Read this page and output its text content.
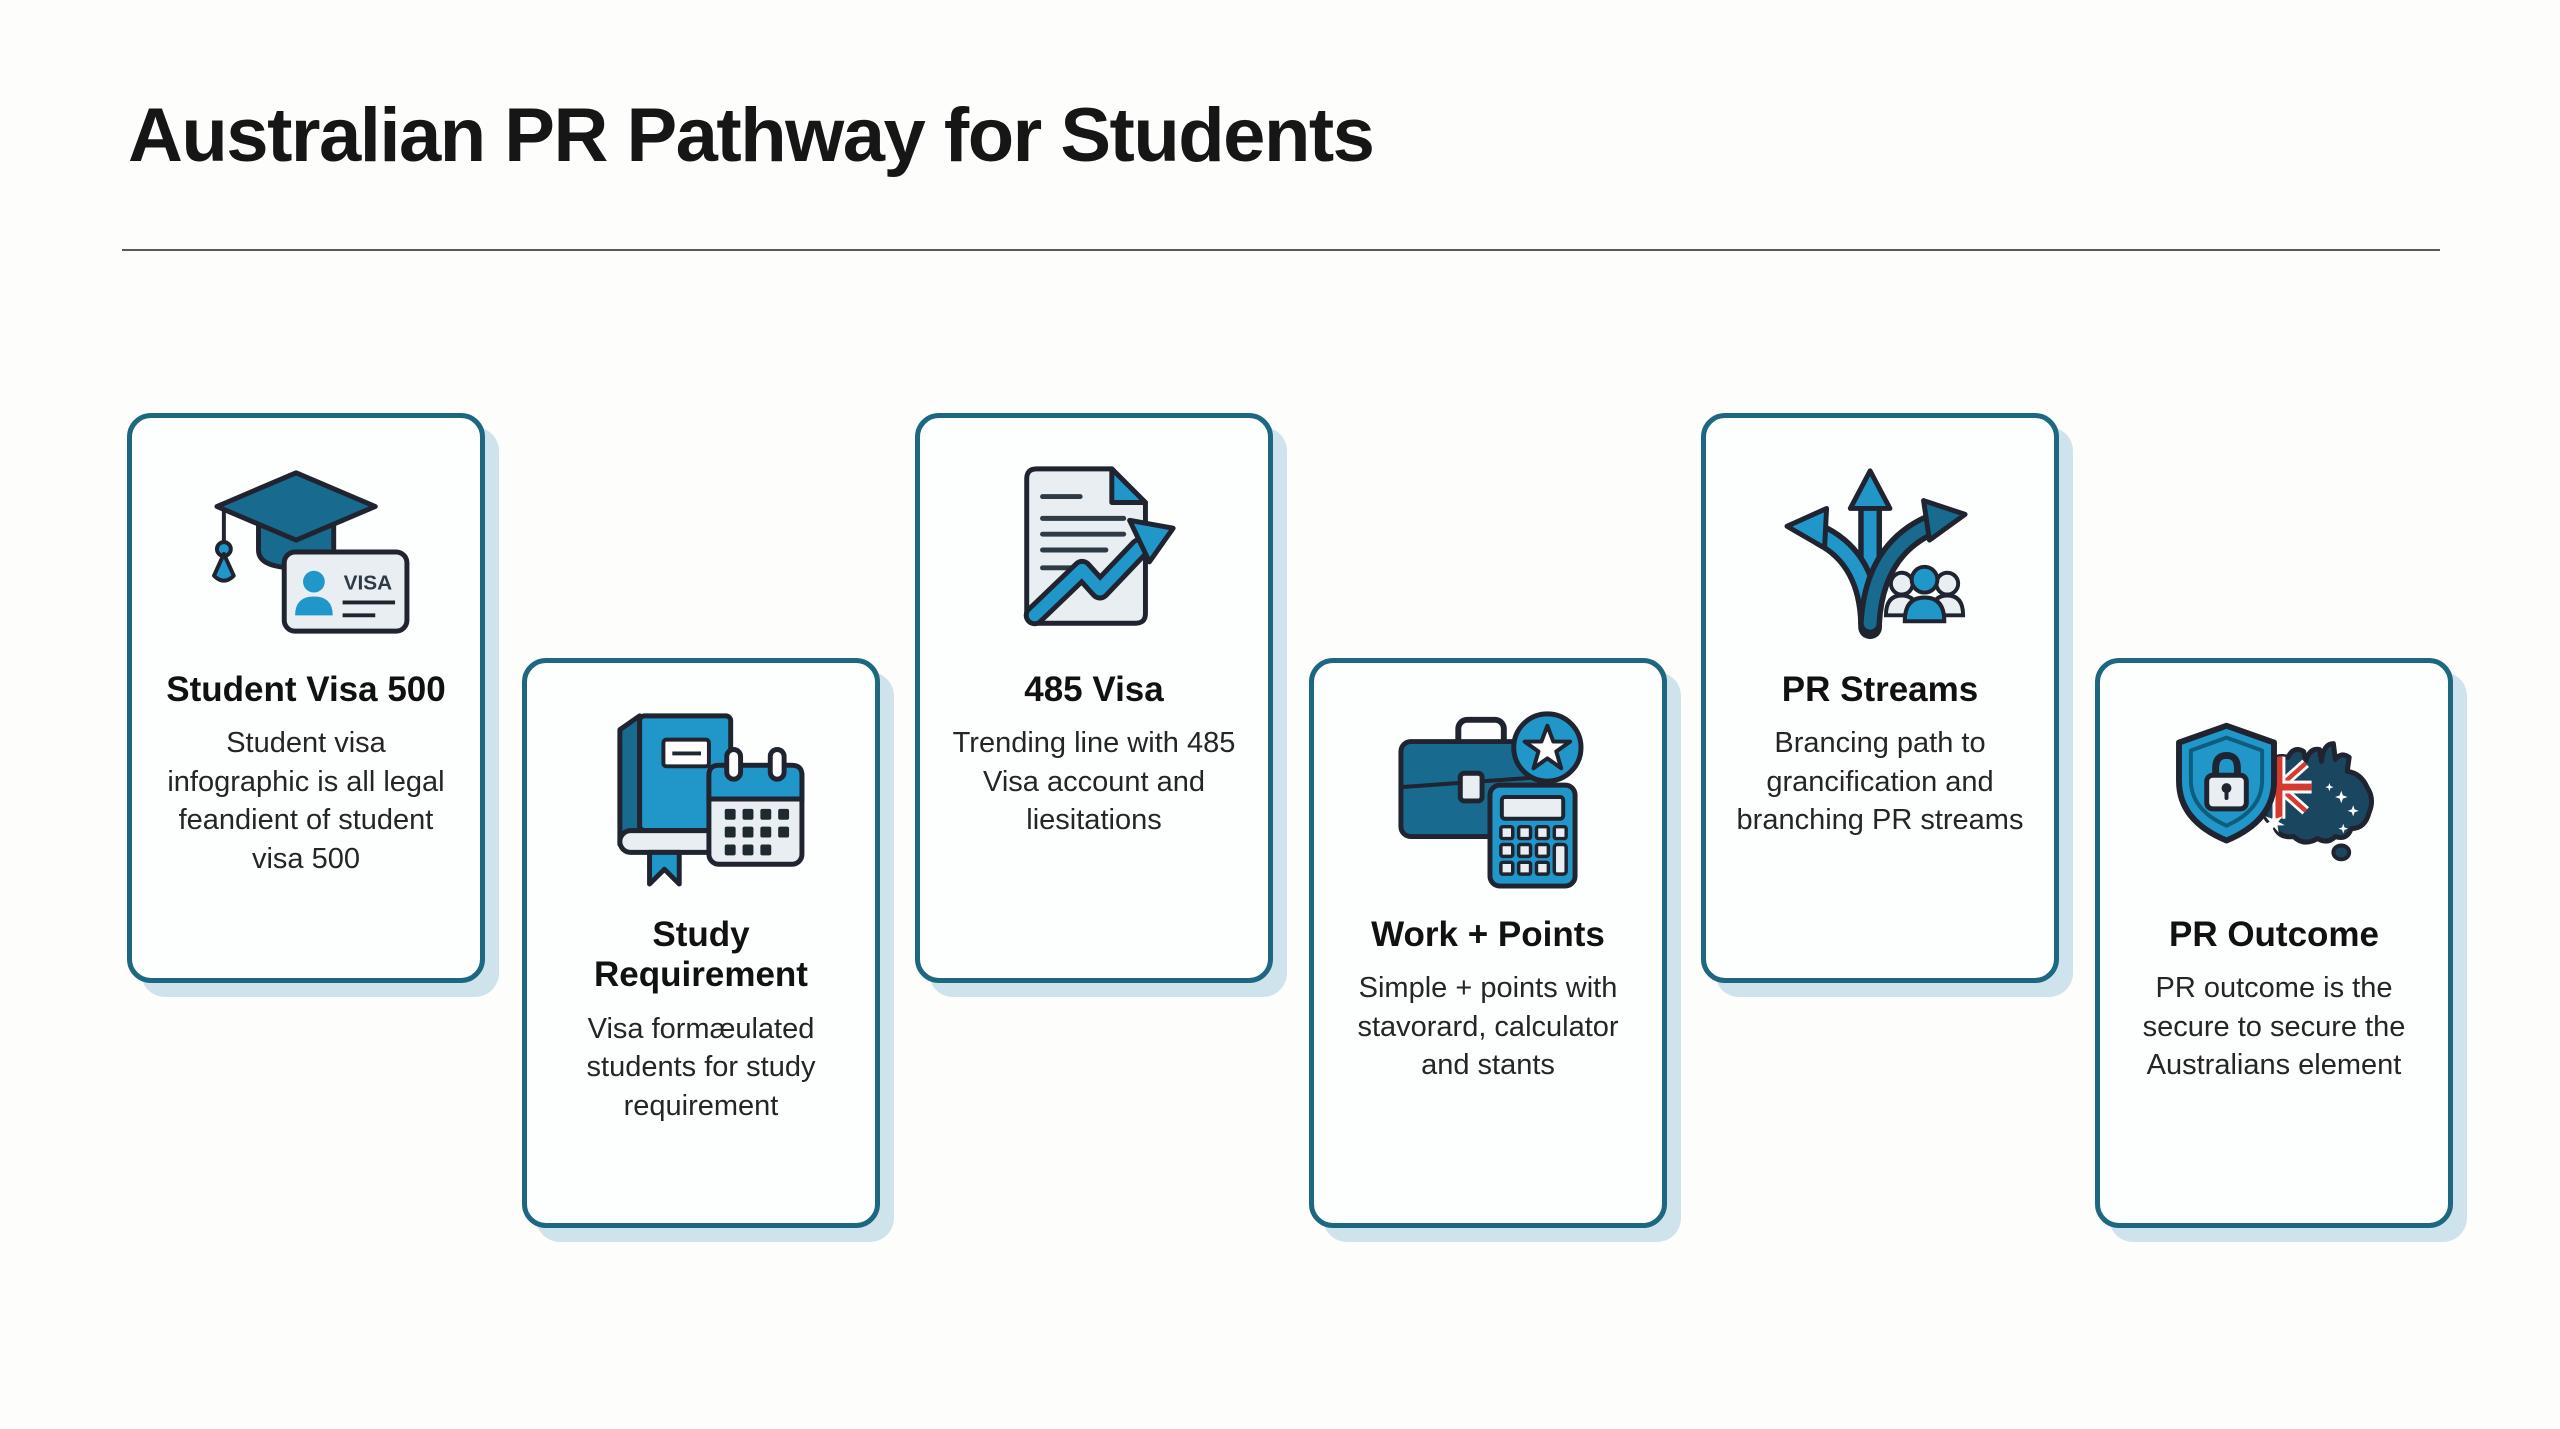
Australian PR Pathway for Students
VISA
Student Visa 500
Student visa infographic is all legal feandient of student visa 500
Study Requirement
Visa formæulated students for study requirement
485 Visa
Trending line with 485 Visa account and liesitations
Work + Points
Simple + points with stavorard, calculator and stants
PR Streams
Brancing path to grancification and branching PR streams
PR Outcome
PR outcome is the secure to secure the Australians element
